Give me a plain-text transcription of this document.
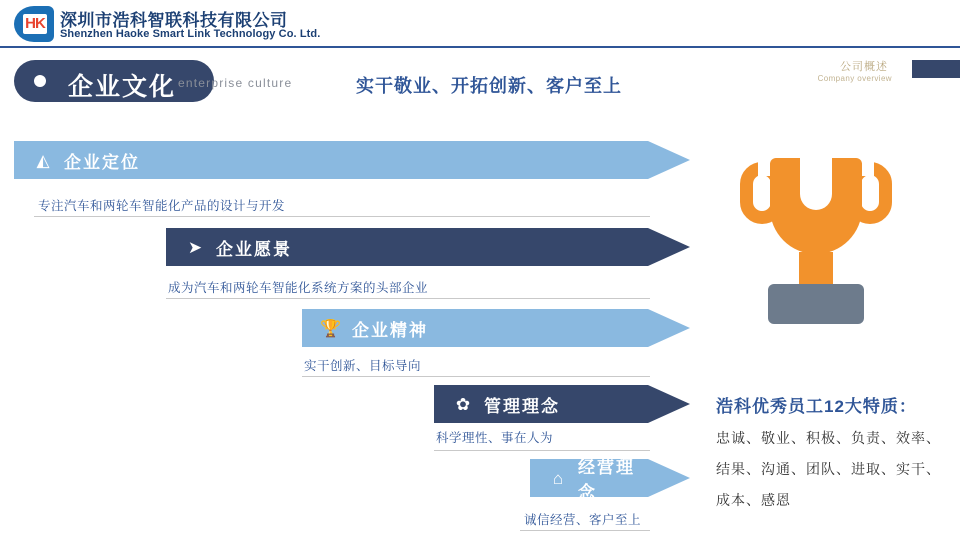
HK 深圳市浩科智联科技有限公司
Shenzhen Haoke Smart Link Technology Co. Ltd.
企业文化 enterprise culture	实干敬业、开拓创新、客户至上
公司概述
Company overview
◭ 企业定位
专注汽车和两轮车智能化产品的设计与开发
➤ 企业愿景
成为汽车和两轮车智能化系统方案的头部企业
🏆 企业精神
实干创新、目标导向
✿ 管理理念
科学理性、事在人为
⌂
经营理念
诚信经营、客户至上
浩科优秀员工12大特质：
忠诚、敬业、积极、负责、效率、
结果、沟通、团队、进取、实干、
成本、感恩
